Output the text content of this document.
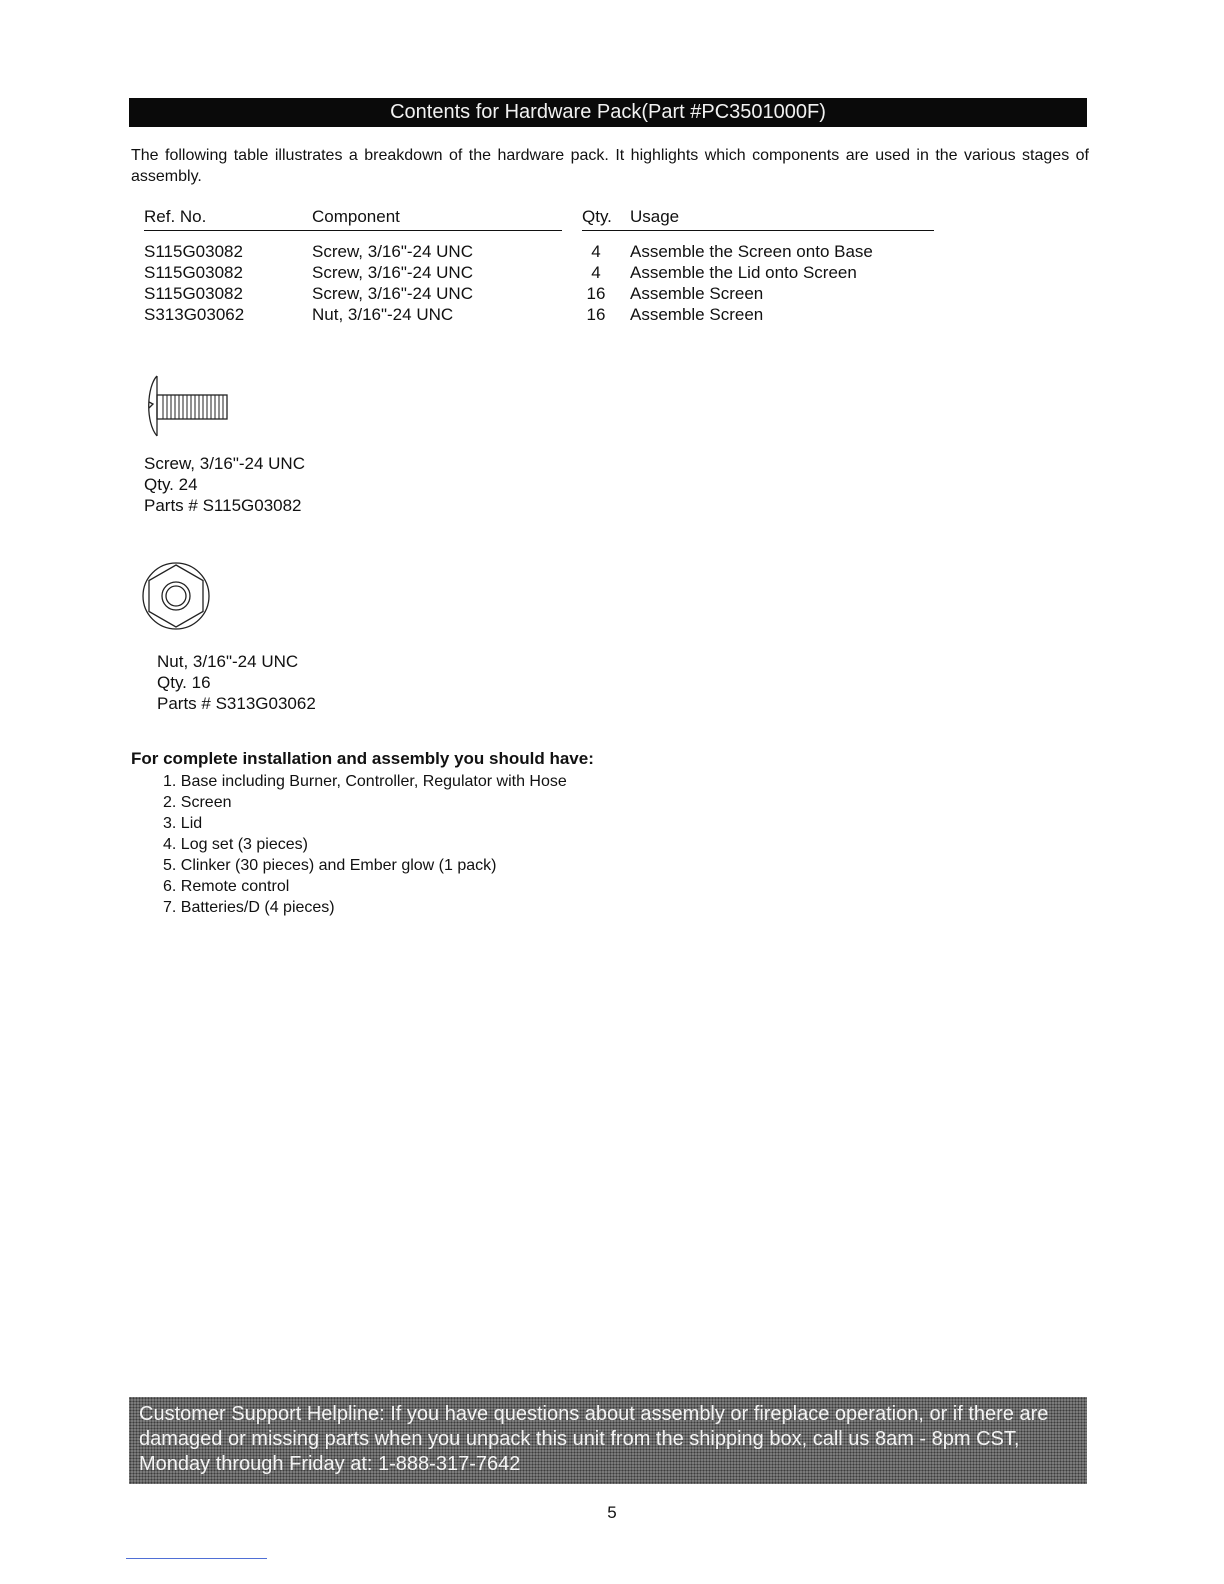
Contents for Hardware Pack(Part #PC3501000F)

The following table illustrates a breakdown of the hardware pack. It highlights which components are used in the various stages of assembly.

Ref. No.	Component		Qty.	Usage
S115G03082	Screw, 3/16"-24 UNC		4	Assemble the Screen onto Base
S115G03082	Screw, 3/16"-24 UNC		4	Assemble the Lid onto Screen
S115G03082	Screw, 3/16"-24 UNC		16	Assemble Screen
S313G03062	Nut, 3/16"-24 UNC		16	Assemble Screen
Screw, 3/16"-24 UNC
Qty. 24
Parts # S115G03082
Nut, 3/16"-24 UNC
Qty. 16
Parts # S313G03062
For complete installation and assembly you should have:
1. Base including Burner, Controller, Regulator with Hose
2. Screen
3. Lid
4. Log set (3 pieces)
5. Clinker (30 pieces) and Ember glow (1 pack)
6. Remote control
7. Batteries/D (4 pieces)
Customer Support Helpline: If you have questions about assembly or fireplace operation, or if there are damaged or missing parts when you unpack this unit from the shipping box, call us 8am - 8pm CST, Monday through Friday at: 1-888-317-7642
5
